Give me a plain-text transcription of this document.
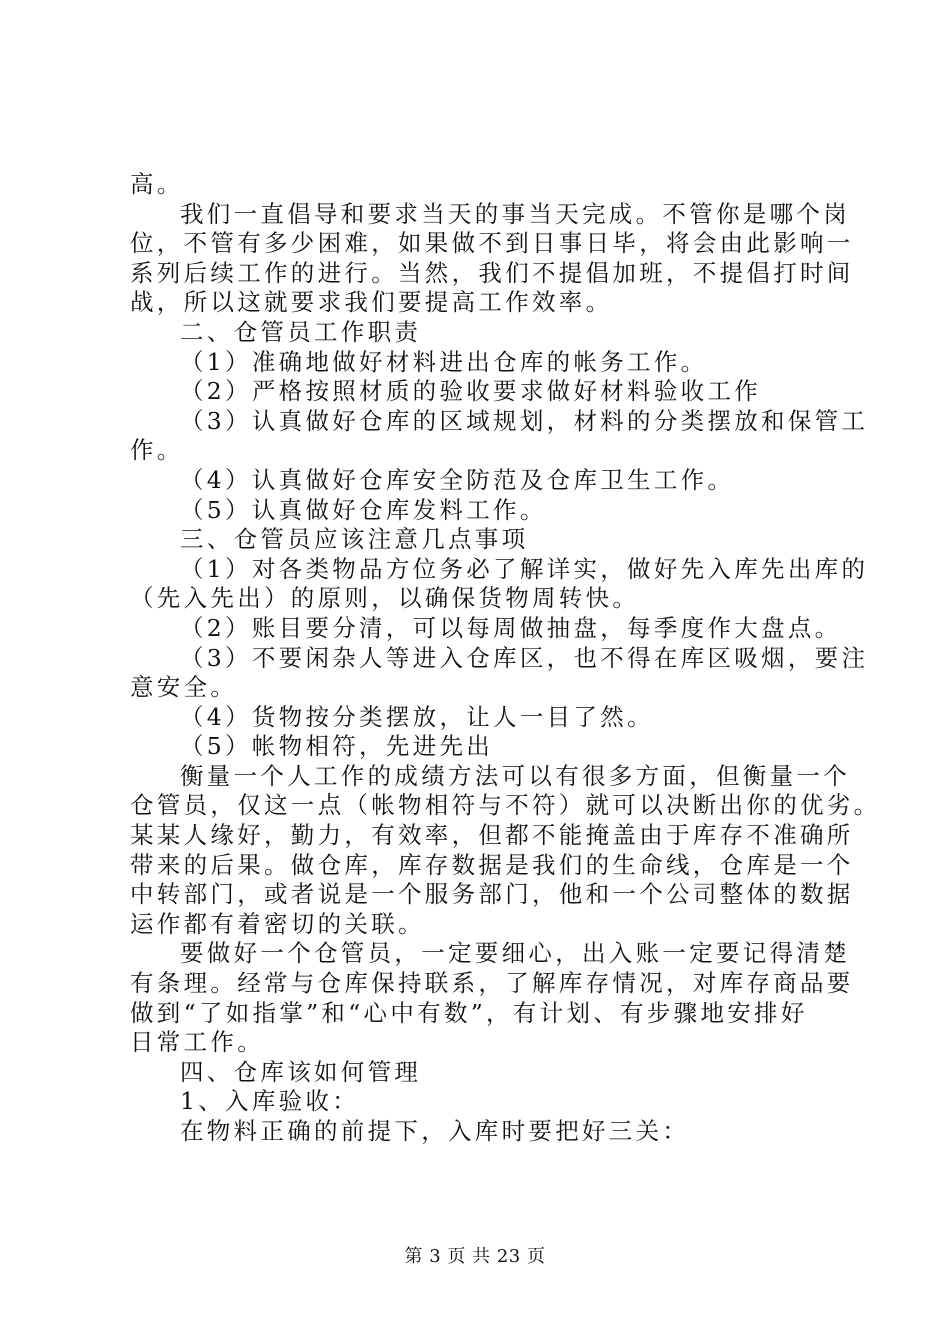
高。
我们一直倡导和要求当天的事当天完成。不管你是哪个岗
位，不管有多少困难，如果做不到日事日毕，将会由此影响一
系列后续工作的进行。当然，我们不提倡加班，不提倡打时间
战，所以这就要求我们要提高工作效率。
二、仓管员工作职责
（1）准确地做好材料进出仓库的帐务工作。
（2）严格按照材质的验收要求做好材料验收工作
（3）认真做好仓库的区域规划，材料的分类摆放和保管工
作。
（4）认真做好仓库安全防范及仓库卫生工作。
（5）认真做好仓库发料工作。
三、仓管员应该注意几点事项
（1）对各类物品方位务必了解详实，做好先入库先出库的
（先入先出）的原则，以确保货物周转快。
（2）账目要分清，可以每周做抽盘，每季度作大盘点。
（3）不要闲杂人等进入仓库区，也不得在库区吸烟，要注
意安全。
（4）货物按分类摆放，让人一目了然。
（5）帐物相符，先进先出
衡量一个人工作的成绩方法可以有很多方面，但衡量一个
仓管员，仅这一点（帐物相符与不符）就可以决断出你的优劣。
某某人缘好，勤力，有效率，但都不能掩盖由于库存不准确所
带来的后果。做仓库，库存数据是我们的生命线，仓库是一个
中转部门，或者说是一个服务部门，他和一个公司整体的数据
运作都有着密切的关联。
要做好一个仓管员，一定要细心，出入账一定要记得清楚
有条理。经常与仓库保持联系，了解库存情况，对库存商品要
做到“了如指掌”和“心中有数”，有计划、有步骤地安排好
日常工作。
四、仓库该如何管理
1、入库验收：
在物料正确的前提下，入库时要把好三关：
第 3 页 共 23 页
